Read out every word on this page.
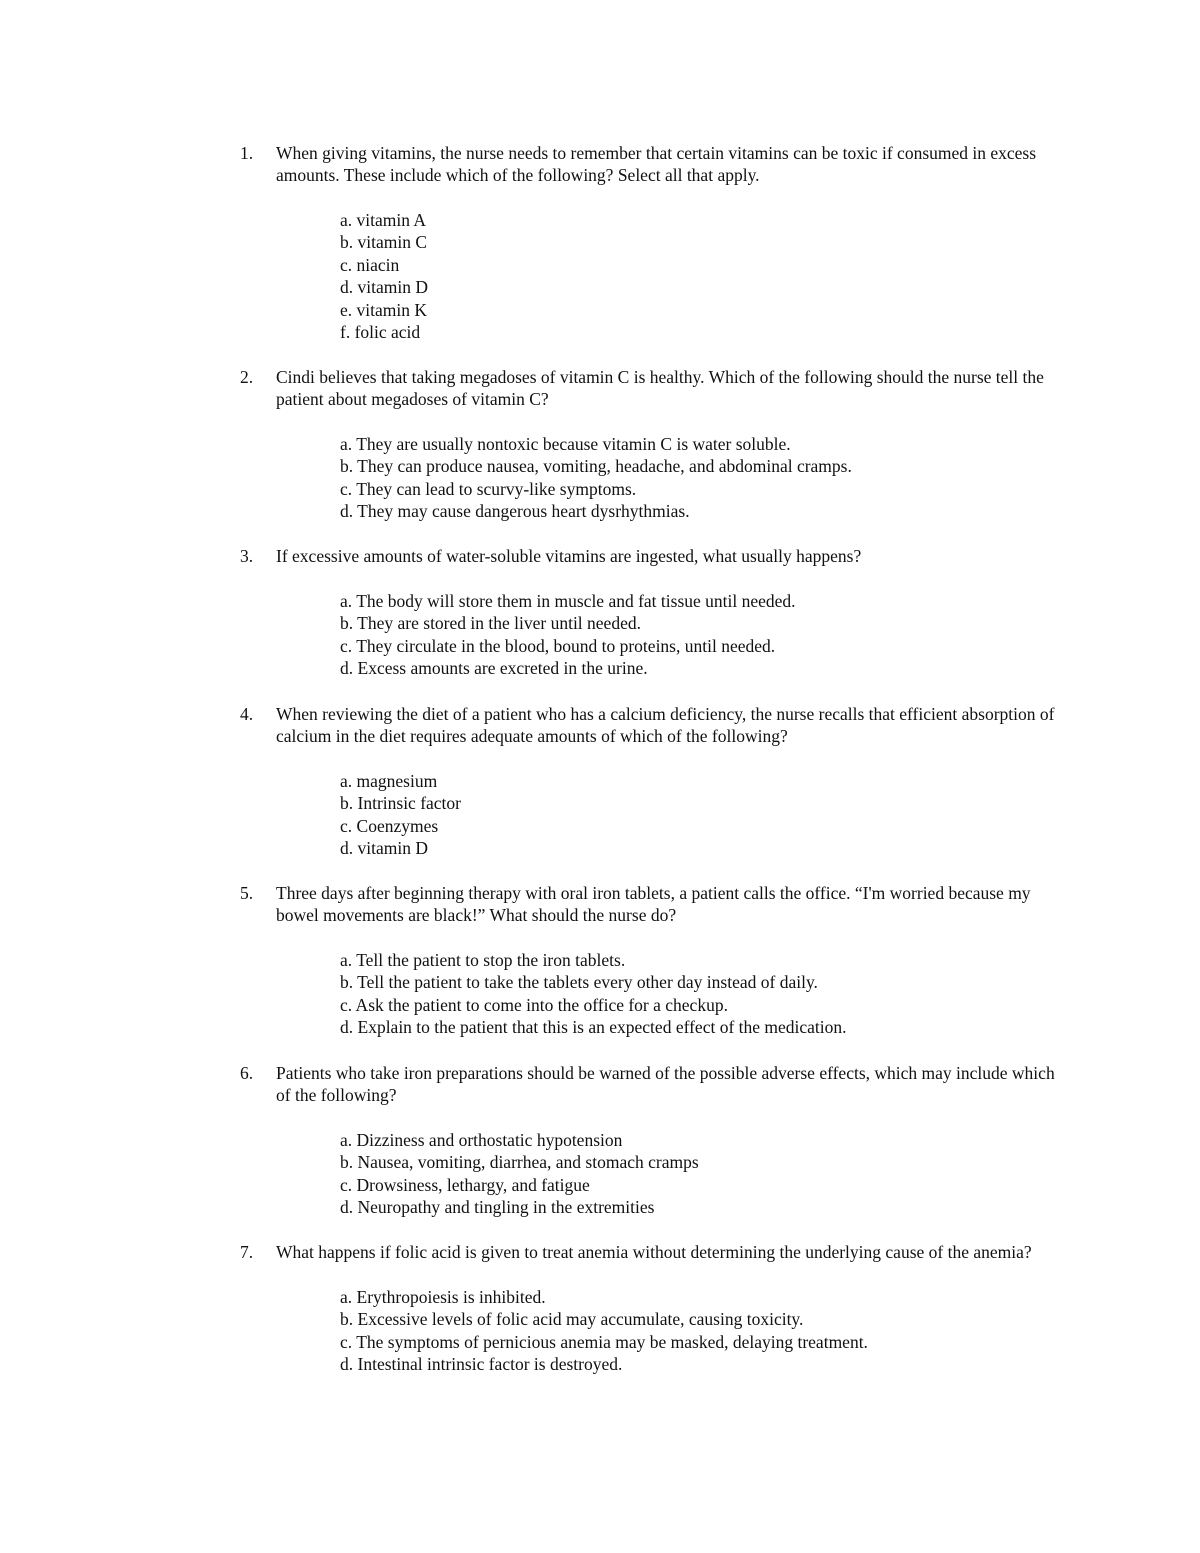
1.	When giving vitamins, the nurse needs to remember that certain vitamins can be toxic if consumed in excess amounts. These include which of the following? Select all that apply.
a. vitamin A
b. vitamin C
c. niacin
d. vitamin D
e. vitamin K
f. folic acid
2.	Cindi believes that taking megadoses of vitamin C is healthy. Which of the following should the nurse tell the patient about megadoses of vitamin C?
a. They are usually nontoxic because vitamin C is water soluble.
b. They can produce nausea, vomiting, headache, and abdominal cramps.
c. They can lead to scurvy-like symptoms.
d. They may cause dangerous heart dysrhythmias.
3.	If excessive amounts of water-soluble vitamins are ingested, what usually happens?
a. The body will store them in muscle and fat tissue until needed.
b. They are stored in the liver until needed.
c. They circulate in the blood, bound to proteins, until needed.
d. Excess amounts are excreted in the urine.
4.	When reviewing the diet of a patient who has a calcium deficiency, the nurse recalls that efficient absorption of calcium in the diet requires adequate amounts of which of the following?
a. magnesium
b. Intrinsic factor
c. Coenzymes
d. vitamin D
5.	Three days after beginning therapy with oral iron tablets, a patient calls the office. “I'm worried because my bowel movements are black!” What should the nurse do?
a. Tell the patient to stop the iron tablets.
b. Tell the patient to take the tablets every other day instead of daily.
c. Ask the patient to come into the office for a checkup.
d. Explain to the patient that this is an expected effect of the medication.
6.	Patients who take iron preparations should be warned of the possible adverse effects, which may include which of the following?
a. Dizziness and orthostatic hypotension
b. Nausea, vomiting, diarrhea, and stomach cramps
c. Drowsiness, lethargy, and fatigue
d. Neuropathy and tingling in the extremities
7.	What happens if folic acid is given to treat anemia without determining the underlying cause of the anemia?
a. Erythropoiesis is inhibited.
b. Excessive levels of folic acid may accumulate, causing toxicity.
c. The symptoms of pernicious anemia may be masked, delaying treatment.
d. Intestinal intrinsic factor is destroyed.
